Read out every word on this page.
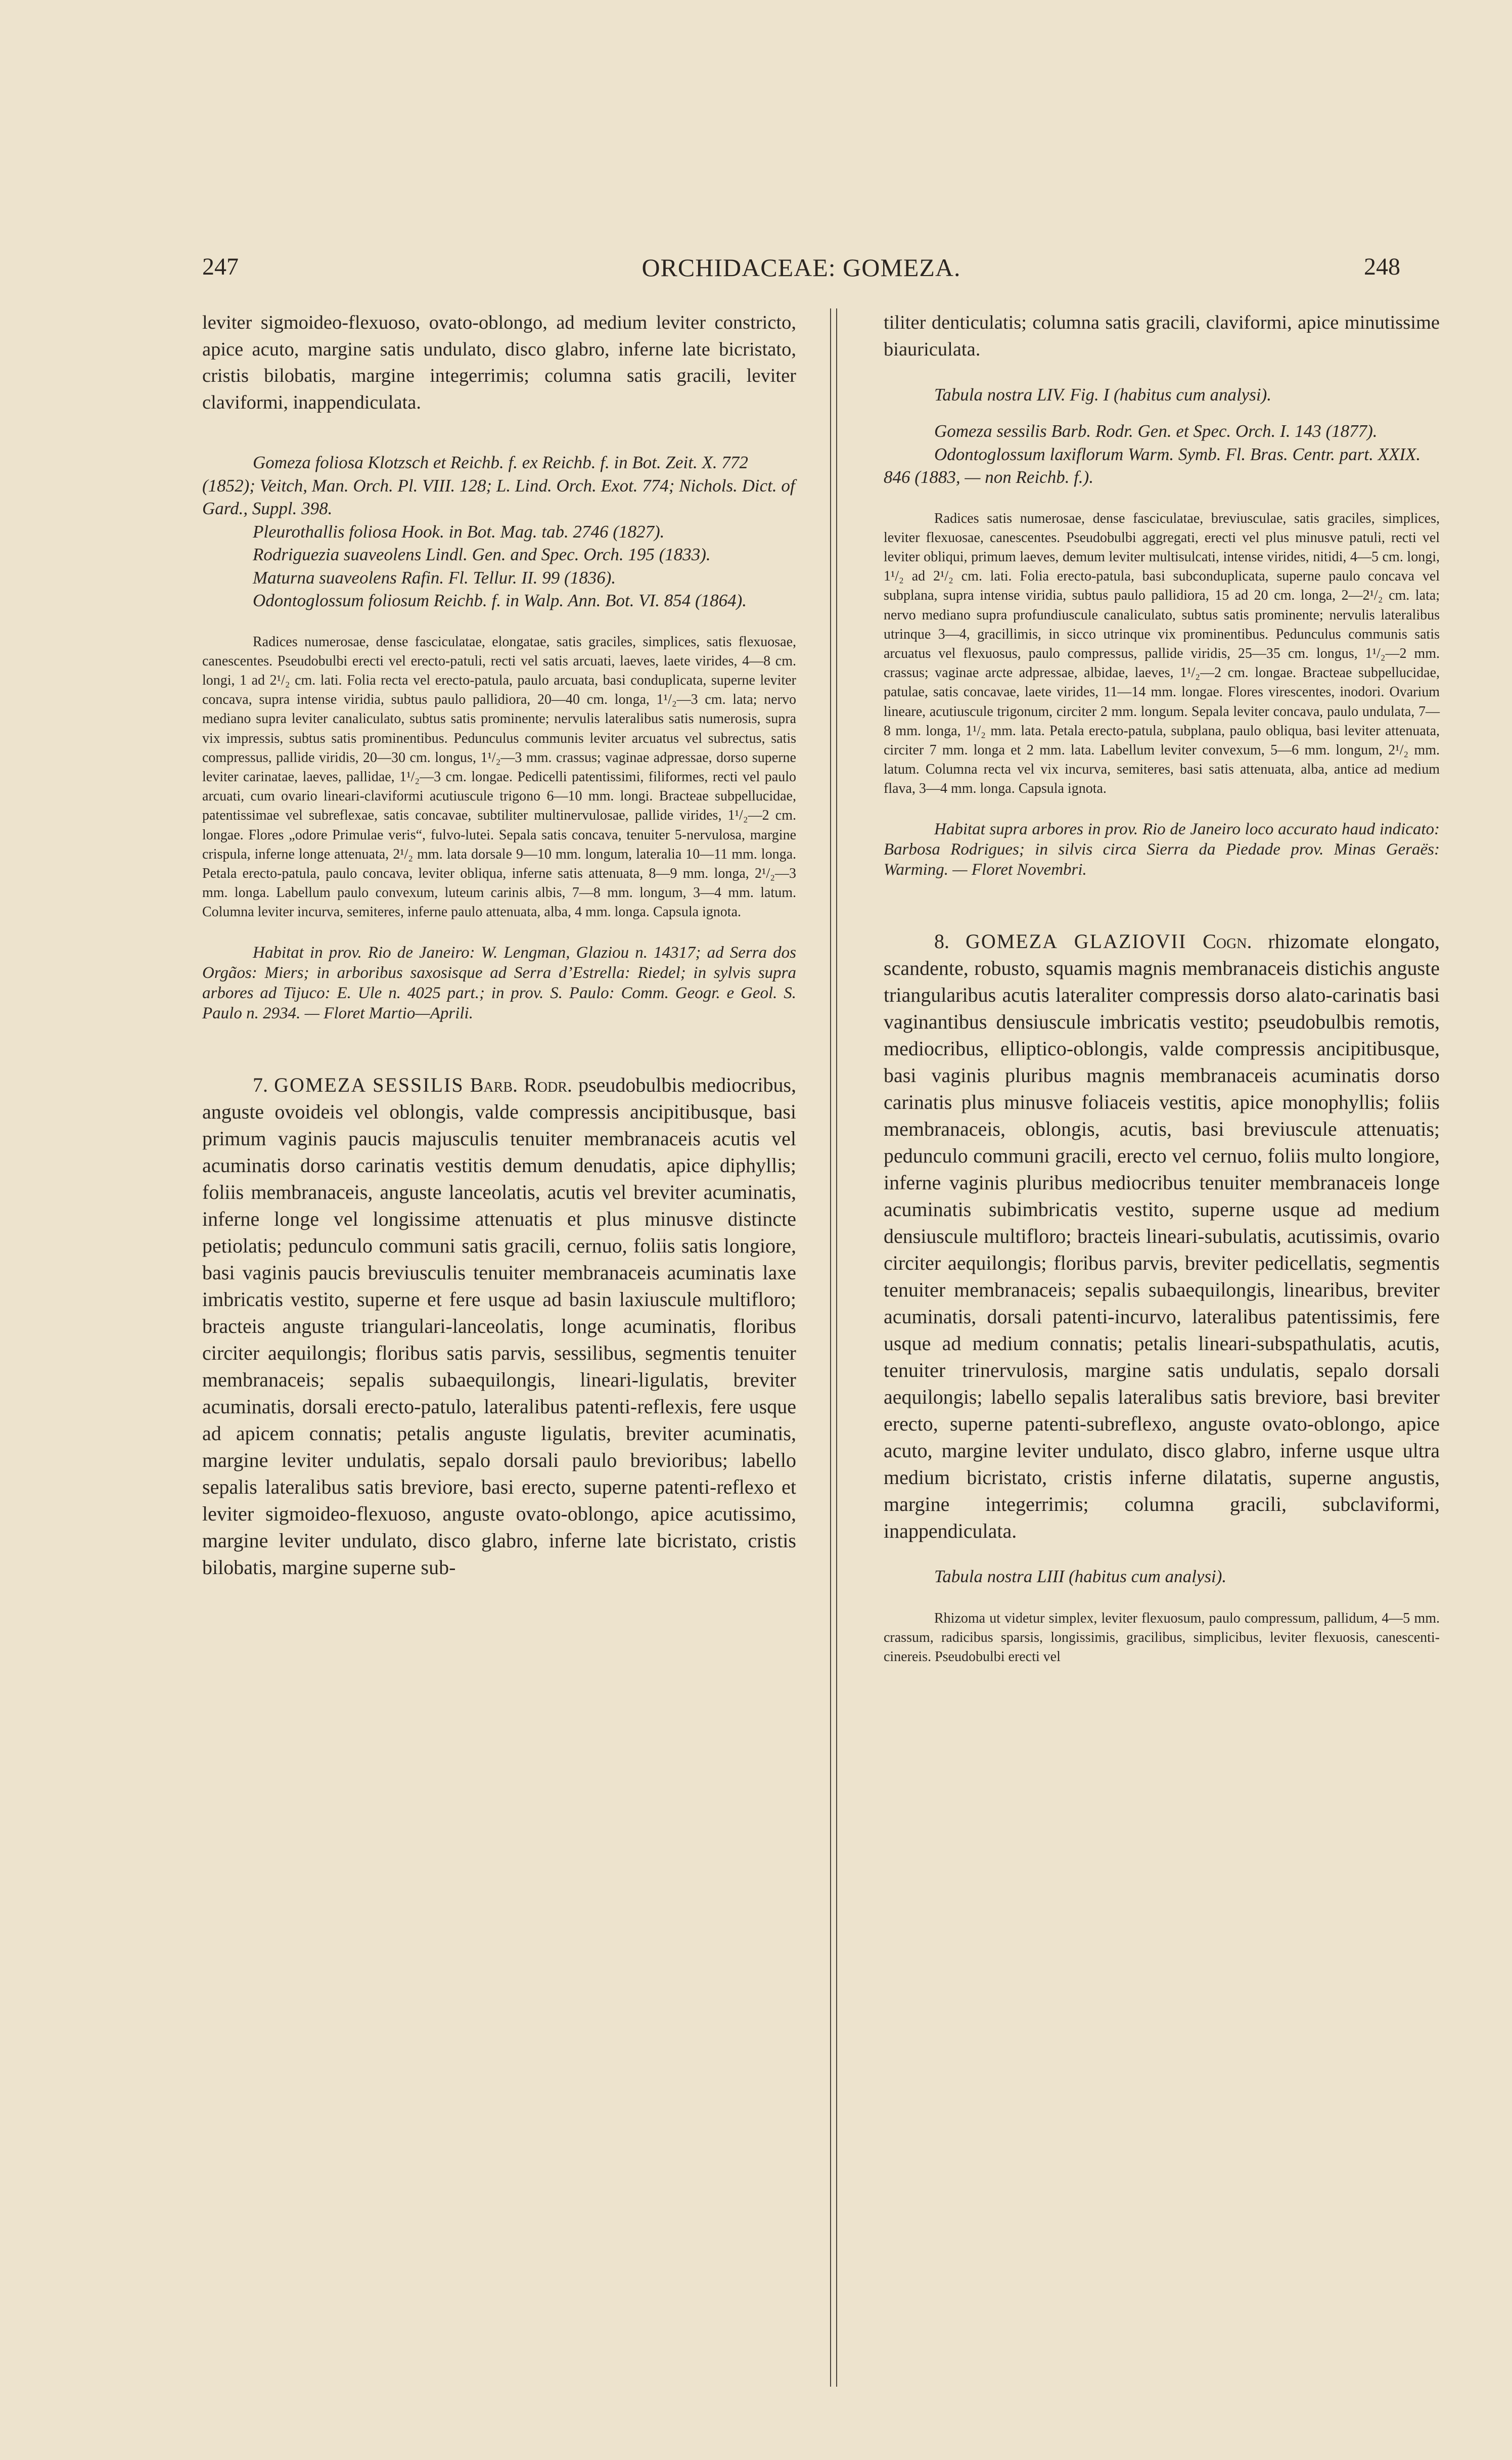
247	ORCHIDACEAE: GOMEZA.	248

leviter sigmoideo-flexuoso, ovato-oblongo, ad medium leviter constricto, apice acuto, margine satis undulato, disco glabro, inferne late bicristato, cristis bilobatis, margine integerrimis; columna satis gracili, leviter claviformi, inappendiculata.

Gomeza foliosa Klotzsch et Reichb. f. ex Reichb. f. in Bot. Zeit. X. 772 (1852); Veitch, Man. Orch. Pl. VIII. 128; L. Lind. Orch. Exot. 774; Nichols. Dict. of Gard., Suppl. 398.
Pleurothallis foliosa Hook. in Bot. Mag. tab. 2746 (1827).
Rodriguezia suaveolens Lindl. Gen. and Spec. Orch. 195 (1833).
Maturna suaveolens Rafin. Fl. Tellur. II. 99 (1836).
Odontoglossum foliosum Reichb. f. in Walp. Ann. Bot. VI. 854 (1864).

Radices numerosae, dense fasciculatae, elongatae, satis graciles, simplices, satis flexuosae, canescentes. Pseudobulbi erecti vel erecto-patuli, recti vel satis arcuati, laeves, laete virides, 4—8 cm. longi, 1 ad 2¹/₂ cm. lati. Folia recta vel erecto-patula, paulo arcuata, basi conduplicata, superne leviter concava, supra intense viridia, subtus paulo pallidiora, 20—40 cm. longa, 1¹/₂—3 cm. lata; nervo mediano supra leviter canaliculato, subtus satis prominente; nervulis lateralibus satis numerosis, supra vix impressis, subtus satis prominentibus. Pedunculus communis leviter arcuatus vel subrectus, satis compressus, pallide viridis, 20—30 cm. longus, 1¹/₂—3 mm. crassus; vaginae adpressae, dorso superne leviter carinatae, laeves, pallidae, 1¹/₂—3 cm. longae. Pedicelli patentissimi, filiformes, recti vel paulo arcuati, cum ovario lineari-claviformi acutiuscule trigono 6—10 mm. longi. Bracteae subpellucidae, patentissimae vel subreflexae, satis concavae, subtiliter multinervulosae, pallide virides, 1¹/₂—2 cm. longae. Flores „odore Primulae veris“, fulvo-lutei. Sepala satis concava, tenuiter 5-nervulosa, margine crispula, inferne longe attenuata, 2¹/₂ mm. lata dorsale 9—10 mm. longum, lateralia 10—11 mm. longa. Petala erecto-patula, paulo concava, leviter obliqua, inferne satis attenuata, 8—9 mm. longa, 2¹/₂—3 mm. longa. Labellum paulo convexum, luteum carinis albis, 7—8 mm. longum, 3—4 mm. latum. Columna leviter incurva, semiteres, inferne paulo attenuata, alba, 4 mm. longa. Capsula ignota.

Habitat in prov. Rio de Janeiro: W. Lengman, Glaziou n. 14317; ad Serra dos Orgãos: Miers; in arboribus saxosisque ad Serra d’Estrella: Riedel; in sylvis supra arbores ad Tijuco: E. Ule n. 4025 part.; in prov. S. Paulo: Comm. Geogr. e Geol. S. Paulo n. 2934. — Floret Martio—Aprili.

7. GOMEZA SESSILIS Barb. Rodr. pseudobulbis mediocribus, anguste ovoideis vel oblongis, valde compressis ancipitibusque, basi primum vaginis paucis majusculis tenuiter membranaceis acutis vel acuminatis dorso carinatis vestitis demum denudatis, apice diphyllis; foliis membranaceis, anguste lanceolatis, acutis vel breviter acuminatis, inferne longe vel longissime attenuatis et plus minusve distincte petiolatis; pedunculo communi satis gracili, cernuo, foliis satis longiore, basi vaginis paucis breviusculis tenuiter membranaceis acuminatis laxe imbricatis vestito, superne et fere usque ad basin laxiuscule multifloro; bracteis anguste triangulari-lanceolatis, longe acuminatis, floribus circiter aequilongis; floribus satis parvis, sessilibus, segmentis tenuiter membranaceis; sepalis subaequilongis, lineari-ligulatis, breviter acuminatis, dorsali erecto-patulo, lateralibus patenti-reflexis, fere usque ad apicem connatis; petalis anguste ligulatis, breviter acuminatis, margine leviter undulatis, sepalo dorsali paulo brevioribus; labello sepalis lateralibus satis breviore, basi erecto, superne patenti-reflexo et leviter sigmoideo-flexuoso, anguste ovato-oblongo, apice acutissimo, margine leviter undulato, disco glabro, inferne late bicristato, cristis bilobatis, margine superne sub-

tiliter denticulatis; columna satis gracili, claviformi, apice minutissime biauriculata.

Tabula nostra LIV. Fig. I (habitus cum analysi).

Gomeza sessilis Barb. Rodr. Gen. et Spec. Orch. I. 143 (1877).
Odontoglossum laxiflorum Warm. Symb. Fl. Bras. Centr. part. XXIX. 846 (1883, — non Reichb. f.).

Radices satis numerosae, dense fasciculatae, breviusculae, satis graciles, simplices, leviter flexuosae, canescentes. Pseudobulbi aggregati, erecti vel plus minusve patuli, recti vel leviter obliqui, primum laeves, demum leviter multisulcati, intense virides, nitidi, 4—5 cm. longi, 1¹/₂ ad 2¹/₂ cm. lati. Folia erecto-patula, basi subconduplicata, superne paulo concava vel subplana, supra intense viridia, subtus paulo pallidiora, 15 ad 20 cm. longa, 2—2¹/₂ cm. lata; nervo mediano supra profundiuscule canaliculato, subtus satis prominente; nervulis lateralibus utrinque 3—4, gracillimis, in sicco utrinque vix prominentibus. Pedunculus communis satis arcuatus vel flexuosus, paulo compressus, pallide viridis, 25—35 cm. longus, 1¹/₂—2 mm. crassus; vaginae arcte adpressae, albidae, laeves, 1¹/₂—2 cm. longae. Bracteae subpellucidae, patulae, satis concavae, laete virides, 11—14 mm. longae. Flores virescentes, inodori. Ovarium lineare, acutiuscule trigonum, circiter 2 mm. longum. Sepala leviter concava, paulo undulata, 7—8 mm. longa, 1¹/₂ mm. lata. Petala erecto-patula, subplana, paulo obliqua, basi leviter attenuata, circiter 7 mm. longa et 2 mm. lata. Labellum leviter convexum, 5—6 mm. longum, 2¹/₂ mm. latum. Columna recta vel vix incurva, semiteres, basi satis attenuata, alba, antice ad medium flava, 3—4 mm. longa. Capsula ignota.

Habitat supra arbores in prov. Rio de Janeiro loco accurato haud indicato: Barbosa Rodrigues; in silvis circa Sierra da Piedade prov. Minas Geraës: Warming. — Floret Novembri.

8. GOMEZA GLAZIOVII Cogn. rhizomate elongato, scandente, robusto, squamis magnis membranaceis distichis anguste triangularibus acutis lateraliter compressis dorso alato-carinatis basi vaginantibus densiuscule imbricatis vestito; pseudobulbis remotis, mediocribus, elliptico-oblongis, valde compressis ancipitibusque, basi vaginis pluribus magnis membranaceis acuminatis dorso carinatis plus minusve foliaceis vestitis, apice monophyllis; foliis membranaceis, oblongis, acutis, basi breviuscule attenuatis; pedunculo communi gracili, erecto vel cernuo, foliis multo longiore, inferne vaginis pluribus mediocribus tenuiter membranaceis longe acuminatis subimbricatis vestito, superne usque ad medium densiuscule multifloro; bracteis lineari-subulatis, acutissimis, ovario circiter aequilongis; floribus parvis, breviter pedicellatis, segmentis tenuiter membranaceis; sepalis subaequilongis, linearibus, breviter acuminatis, dorsali patenti-incurvo, lateralibus patentissimis, fere usque ad medium connatis; petalis lineari-subspathulatis, acutis, tenuiter trinervulosis, margine satis undulatis, sepalo dorsali aequilongis; labello sepalis lateralibus satis breviore, basi breviter erecto, superne patenti-subreflexo, anguste ovato-oblongo, apice acuto, margine leviter undulato, disco glabro, inferne usque ultra medium bicristato, cristis inferne dilatatis, superne angustis, margine integerrimis; columna gracili, subclaviformi, inappendiculata.

Tabula nostra LIII (habitus cum analysi).

Rhizoma ut videtur simplex, leviter flexuosum, paulo compressum, pallidum, 4—5 mm. crassum, radicibus sparsis, longissimis, gracilibus, simplicibus, leviter flexuosis, canescenti-cinereis. Pseudobulbi erecti vel
